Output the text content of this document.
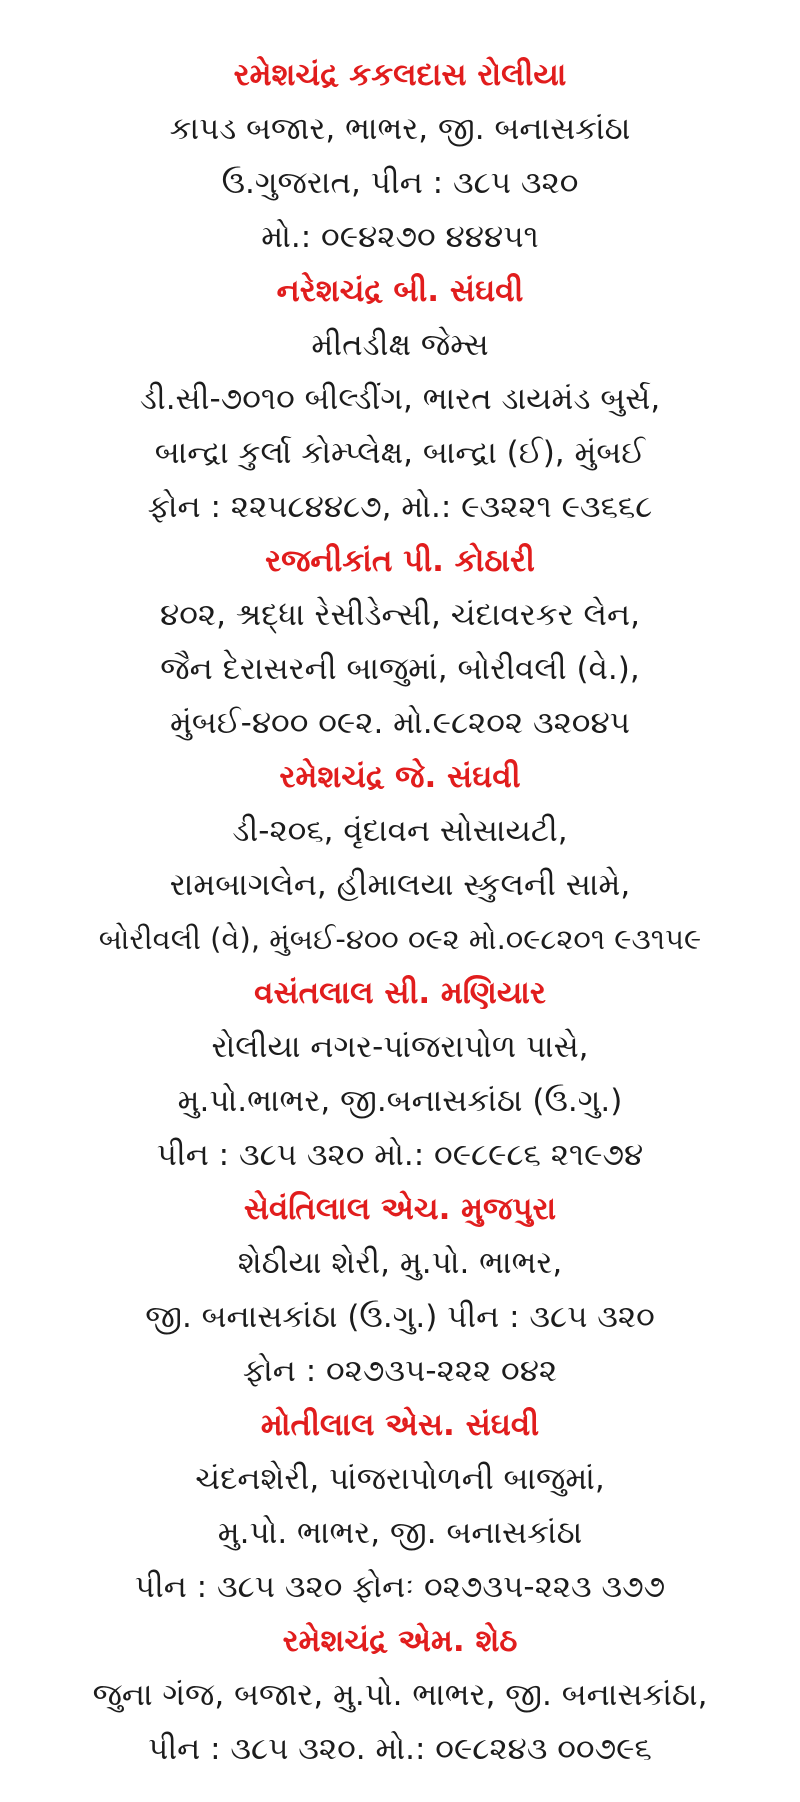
રમેશચંદ્ર કકલદાસ રોલીયા
કાપડ બજાર, ભાભર, જી. બનાસકાંઠા
ઉ.ગુજરાત, પીન : ૩૮૫ ૩૨૦
મો.: ૦૯૪૨૭૦ ૪૪૪૫૧
નરેશચંદ્ર બી. સંઘવી
મીતડીક્ષ જેમ્સ
ડી.સી-૭૦૧૦ બીલ્ડીંગ, ભારત ડાયમંડ બુર્સ,
બાન્દ્રા કુર્લા કોમ્પ્લેક્ષ, બાન્દ્રા (ઈ), મુંબઈ
ફોન : ૨૨૫૮૪૪૮૭, મો.: ૯૩૨૨૧ ૯૩૬૬૮
રજનીકાંત પી. કોઠારી
૪૦૨, શ્રદ્ધા રેસીડેન્સી, ચંદાવરકર લેન,
જૈન દેરાસરની બાજુમાં, બોરીવલી (વે.),
મુંબઈ-૪૦૦ ૦૯૨. મો.૯૮૨૦૨ ૩૨૦૪૫
રમેશચંદ્ર જે. સંઘવી
ડી-૨૦૬, વૃંદાવન સોસાયટી,
રામબાગલેન, હીમાલયા સ્કુલની સામે,
બોરીવલી (વે), મુંબઈ-૪૦૦ ૦૯૨ મો.૦૯૮૨૦૧ ૯૩૧૫૯
વસંતલાલ સી. મણિયાર
રોલીયા નગર-પાંજરાપોળ પાસે,
મુ.પો.ભાભર, જી.બનાસકાંઠા (ઉ.ગુ.)
પીન : ૩૮૫ ૩૨૦ મો.: ૦૯૮૯૮૬ ૨૧૯૭૪
સેવંતિલાલ એચ. મુજપુરા
શેઠીયા શેરી, મુ.પો. ભાભર,
જી. બનાસકાંઠા (ઉ.ગુ.) પીન : ૩૮૫ ૩૨૦
ફોન : ૦૨૭૩૫-૨૨૨ ૦૪૨
મોતીલાલ એસ. સંઘવી
ચંદનશેરી, પાંજરાપોળની બાજુમાં,
મુ.પો. ભાભર, જી. બનાસકાંઠા
પીન : ૩૮૫ ૩૨૦ ફોનઃ ૦૨૭૩૫-૨૨૩ ૩૭૭
રમેશચંદ્ર એમ. શેઠ
જુના ગંજ, બજાર, મુ.પો. ભાભર, જી. બનાસકાંઠા,
પીન : ૩૮૫ ૩૨૦. મો.: ૦૯૮૨૪૩ ૦૦૭૯૬
